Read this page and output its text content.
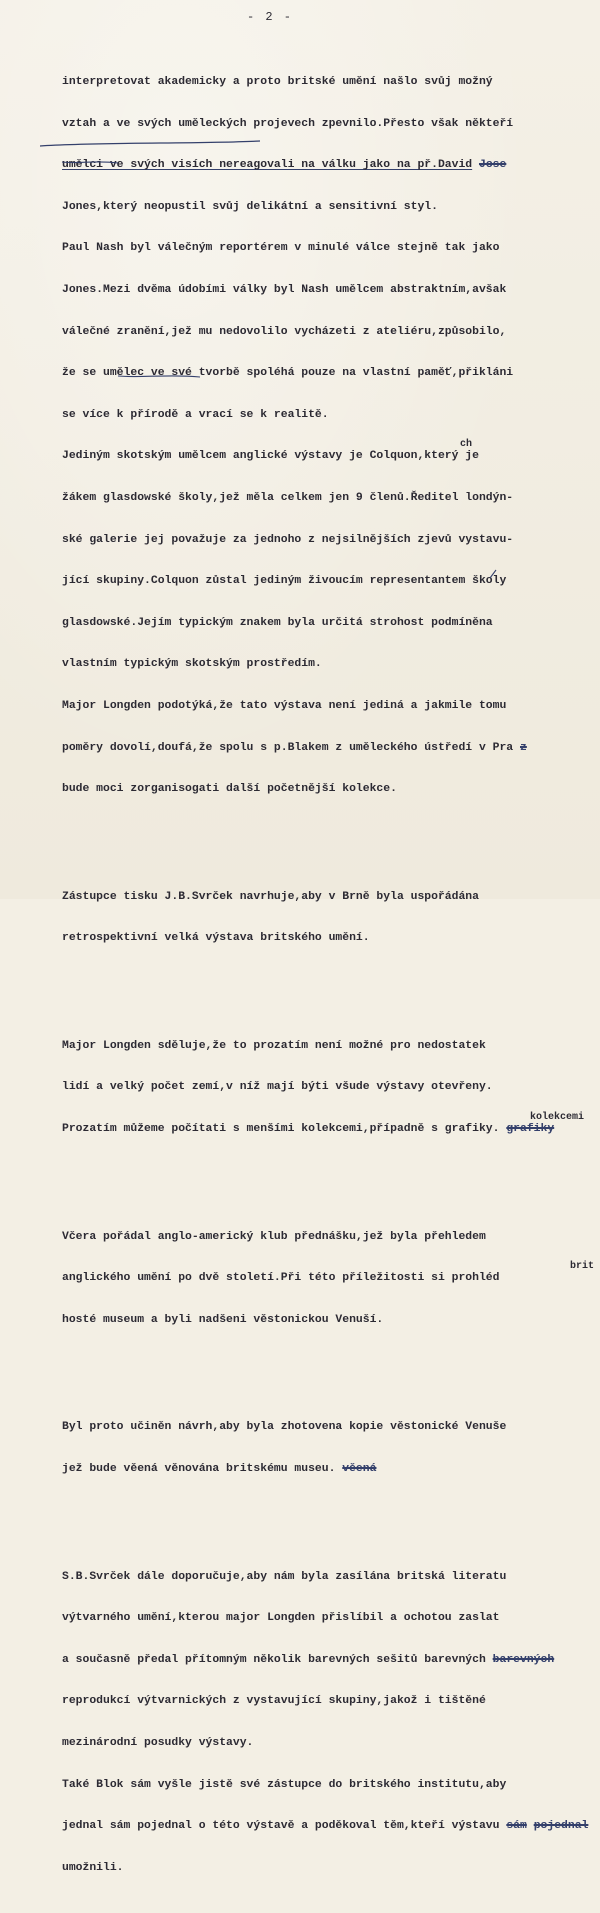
- 2 -

interpretovat akademicky a proto britské umění našlo svůj možný

vztah a ve svých uměleckých projevech zpevnilo.Přesto však někteří

umělci ve svých visích nereagovali na válku jako na př.David Jose

Jones,který neopustil svůj delikátní a sensitivní styl.

Paul Nash byl válečným reportérem v minulé válce stejně tak jako

Jones.Mezi dvěma údobími války byl Nash umělcem abstraktním,avšak

válečné zranění,jež mu nedovolilo vycházeti z ateliéru,způsobilo,

že se umělec ve své tvorbě spoléhá pouze na vlastní paměť,přikláni

se více k přírodě a vrací se k realitě.

Jediným skotským umělcem anglické výstavy je Colquon,který je
ch

žákem glasdowské školy,jež měla celkem jen 9 členů.Ředitel londýn-

ské galerie jej považuje za jednoho z nejsilnějších zjevů vystavu-

jící skupiny.Colquon zůstal jediným živoucím representantem školy

glasdowské.Jejím typickým znakem byla určitá strohost podmíněna

vlastním typickým skotským prostředím.

Major Longden podotýká,že tato výstava není jediná a jakmile tomu

poměry dovolí,doufá,že spolu s p.Blakem z uměleckého ústředí v Pra z

bude moci zorganisogati další početnější kolekce.

Zástupce tisku J.B.Svrček navrhuje,aby v Brně byla uspořádána

retrospektivní velká výstava britského umění.

Major Longden sděluje,že to prozatím není možné pro nedostatek

lidí a velký počet zemí,v níž mají býti všude výstavy otevřeny.

Prozatím můžeme počítati s menšími kolekcemi,případně s grafiky. grafiky
kolekcemi

Včera pořádal anglo-americký klub přednášku,jež byla přehledem

anglického umění po dvě století.Při této příležitosti si prohléd
brit

hosté museum a byli nadšeni věstonickou Venuší.

Byl proto učiněn návrh,aby byla zhotovena kopie věstonické Venuše

jež bude věená věnována britskému museu. věená

S.B.Svrček dále doporučuje,aby nám byla zasílána britská literatu

výtvarného umění,kterou major Longden přislíbil a ochotou zaslat

a současně předal přítomným několik barevných sešitů barevných barevných

reprodukcí výtvarnických z vystavující skupiny,jakož i tištěné

mezinárodní posudky výstavy.

Také Blok sám vyšle jistě své zástupce do britského institutu,aby

jednal sám pojednal o této výstavě a poděkoval těm,kteří výstavu sám pojednal

umožnili.
